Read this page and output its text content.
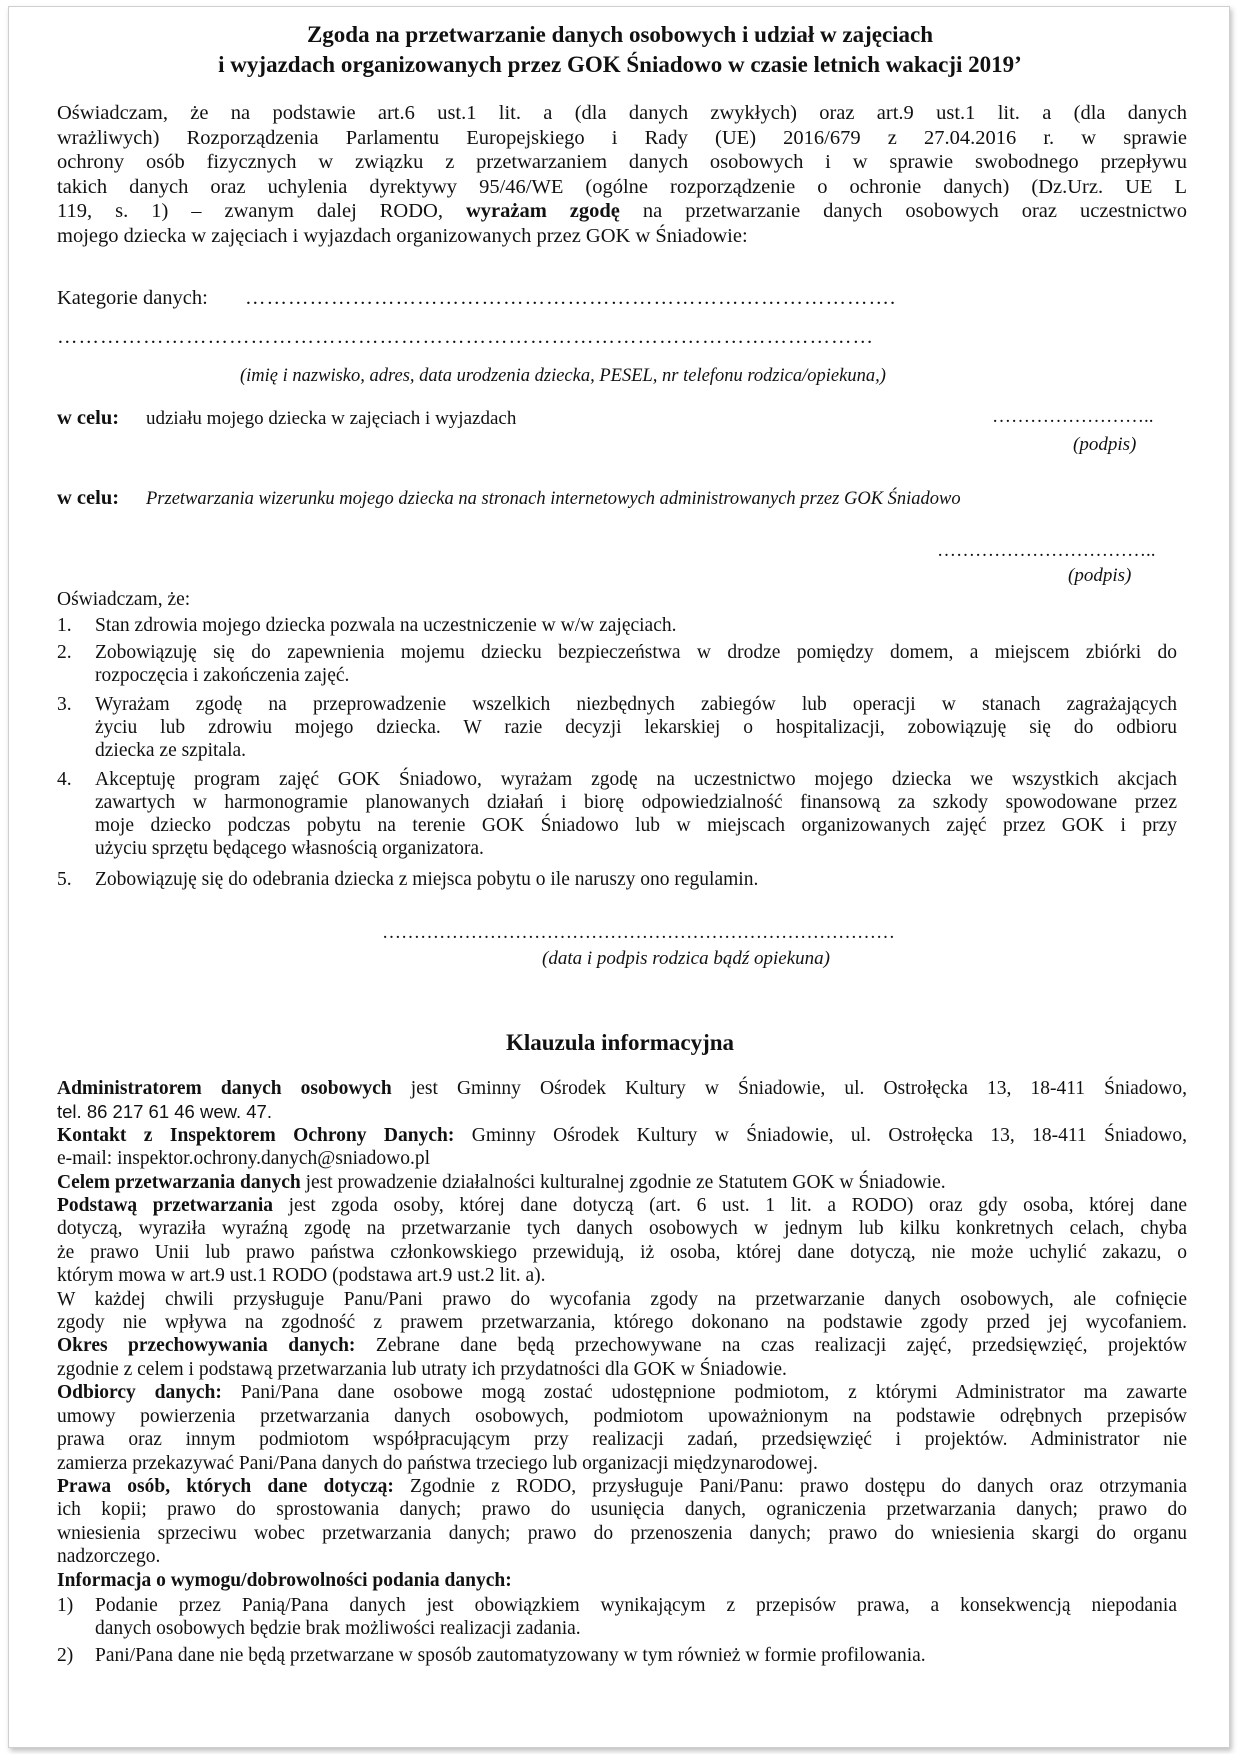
Zgoda na przetwarzanie danych osobowych i udział w zajęciach
i wyjazdach organizowanych przez GOK Śniadowo w czasie letnich wakacji 2019’
Oświadczam, że na podstawie art.6 ust.1 lit. a (dla danych zwykłych) oraz art.9 ust.1 lit. a (dla danych
wrażliwych) Rozporządzenia Parlamentu Europejskiego i Rady (UE) 2016/679 z 27.04.2016 r. w sprawie
ochrony osób fizycznych w związku z przetwarzaniem danych osobowych i w sprawie swobodnego przepływu
takich danych oraz uchylenia dyrektywy 95/46/WE (ogólne rozporządzenie o ochronie danych) (Dz.Urz. UE L
119, s. 1) – zwanym dalej RODO, wyrażam zgodę na przetwarzanie danych osobowych oraz uczestnictwo
mojego dziecka w zajęciach i wyjazdach organizowanych przez GOK w Śniadowie:
Kategorie danych: ……………………………………………………………………………….
……………………………………………………………………………………………………
(imię i nazwisko, adres, data urodzenia dziecka, PESEL, nr telefonu rodzica/opiekuna,)
w celu: udziału mojego dziecka w zajęciach i wyjazdach	……………………..
(podpis)
w celu: Przetwarzania wizerunku mojego dziecka na stronach internetowych administrowanych przez GOK Śniadowo
……………………………..
(podpis)
Oświadczam, że:
1. Stan zdrowia mojego dziecka pozwala na uczestniczenie w w/w zajęciach.
2. Zobowiązuję się do zapewnienia mojemu dziecku bezpieczeństwa w drodze pomiędzy domem, a miejscem zbiórki do
rozpoczęcia i zakończenia zajęć.
3. Wyrażam zgodę na przeprowadzenie wszelkich niezbędnych zabiegów lub operacji w stanach zagrażających
życiu lub zdrowiu mojego dziecka. W razie decyzji lekarskiej o hospitalizacji, zobowiązuję się do odbioru
dziecka ze szpitala.
4. Akceptuję program zajęć GOK Śniadowo, wyrażam zgodę na uczestnictwo mojego dziecka we wszystkich akcjach
zawartych w harmonogramie planowanych działań i biorę odpowiedzialność finansową za szkody spowodowane przez
moje dziecko podczas pobytu na terenie GOK Śniadowo lub w miejscach organizowanych zajęć przez GOK i przy
użyciu sprzętu będącego własnością organizatora.
5. Zobowiązuję się do odebrania dziecka z miejsca pobytu o ile naruszy ono regulamin.
………………………………………………………………………
(data i podpis rodzica bądź opiekuna)
Klauzula informacyjna
Administratorem danych osobowych jest Gminny Ośrodek Kultury w Śniadowie, ul. Ostrołęcka 13, 18-411 Śniadowo,
tel. 86 217 61 46 wew. 47.
Kontakt z Inspektorem Ochrony Danych: Gminny Ośrodek Kultury w Śniadowie, ul. Ostrołęcka 13, 18-411 Śniadowo,
e-mail: inspektor.ochrony.danych@sniadowo.pl
Celem przetwarzania danych jest prowadzenie działalności kulturalnej zgodnie ze Statutem GOK w Śniadowie.
Podstawą przetwarzania jest zgoda osoby, której dane dotyczą (art. 6 ust. 1 lit. a RODO) oraz gdy osoba, której dane
dotyczą, wyraziła wyraźną zgodę na przetwarzanie tych danych osobowych w jednym lub kilku konkretnych celach, chyba
że prawo Unii lub prawo państwa członkowskiego przewidują, iż osoba, której dane dotyczą, nie może uchylić zakazu, o
którym mowa w art.9 ust.1 RODO (podstawa art.9 ust.2 lit. a).
W każdej chwili przysługuje Panu/Pani prawo do wycofania zgody na przetwarzanie danych osobowych, ale cofnięcie
zgody nie wpływa na zgodność z prawem przetwarzania, którego dokonano na podstawie zgody przed jej wycofaniem.
Okres przechowywania danych: Zebrane dane będą przechowywane na czas realizacji zajęć, przedsięwzięć, projektów
zgodnie z celem i podstawą przetwarzania lub utraty ich przydatności dla GOK w Śniadowie.
Odbiorcy danych: Pani/Pana dane osobowe mogą zostać udostępnione podmiotom, z którymi Administrator ma zawarte
umowy powierzenia przetwarzania danych osobowych, podmiotom upoważnionym na podstawie odrębnych przepisów
prawa oraz innym podmiotom współpracującym przy realizacji zadań, przedsięwzięć i projektów. Administrator nie
zamierza przekazywać Pani/Pana danych do państwa trzeciego lub organizacji międzynarodowej.
Prawa osób, których dane dotyczą: Zgodnie z RODO, przysługuje Pani/Panu: prawo dostępu do danych oraz otrzymania
ich kopii; prawo do sprostowania danych; prawo do usunięcia danych, ograniczenia przetwarzania danych; prawo do
wniesienia sprzeciwu wobec przetwarzania danych; prawo do przenoszenia danych; prawo do wniesienia skargi do organu
nadzorczego.
Informacja o wymogu/dobrowolności podania danych:
1) Podanie przez Panią/Pana danych jest obowiązkiem wynikającym z przepisów prawa, a konsekwencją niepodania
danych osobowych będzie brak możliwości realizacji zadania.
2) Pani/Pana dane nie będą przetwarzane w sposób zautomatyzowany w tym również w formie profilowania.
